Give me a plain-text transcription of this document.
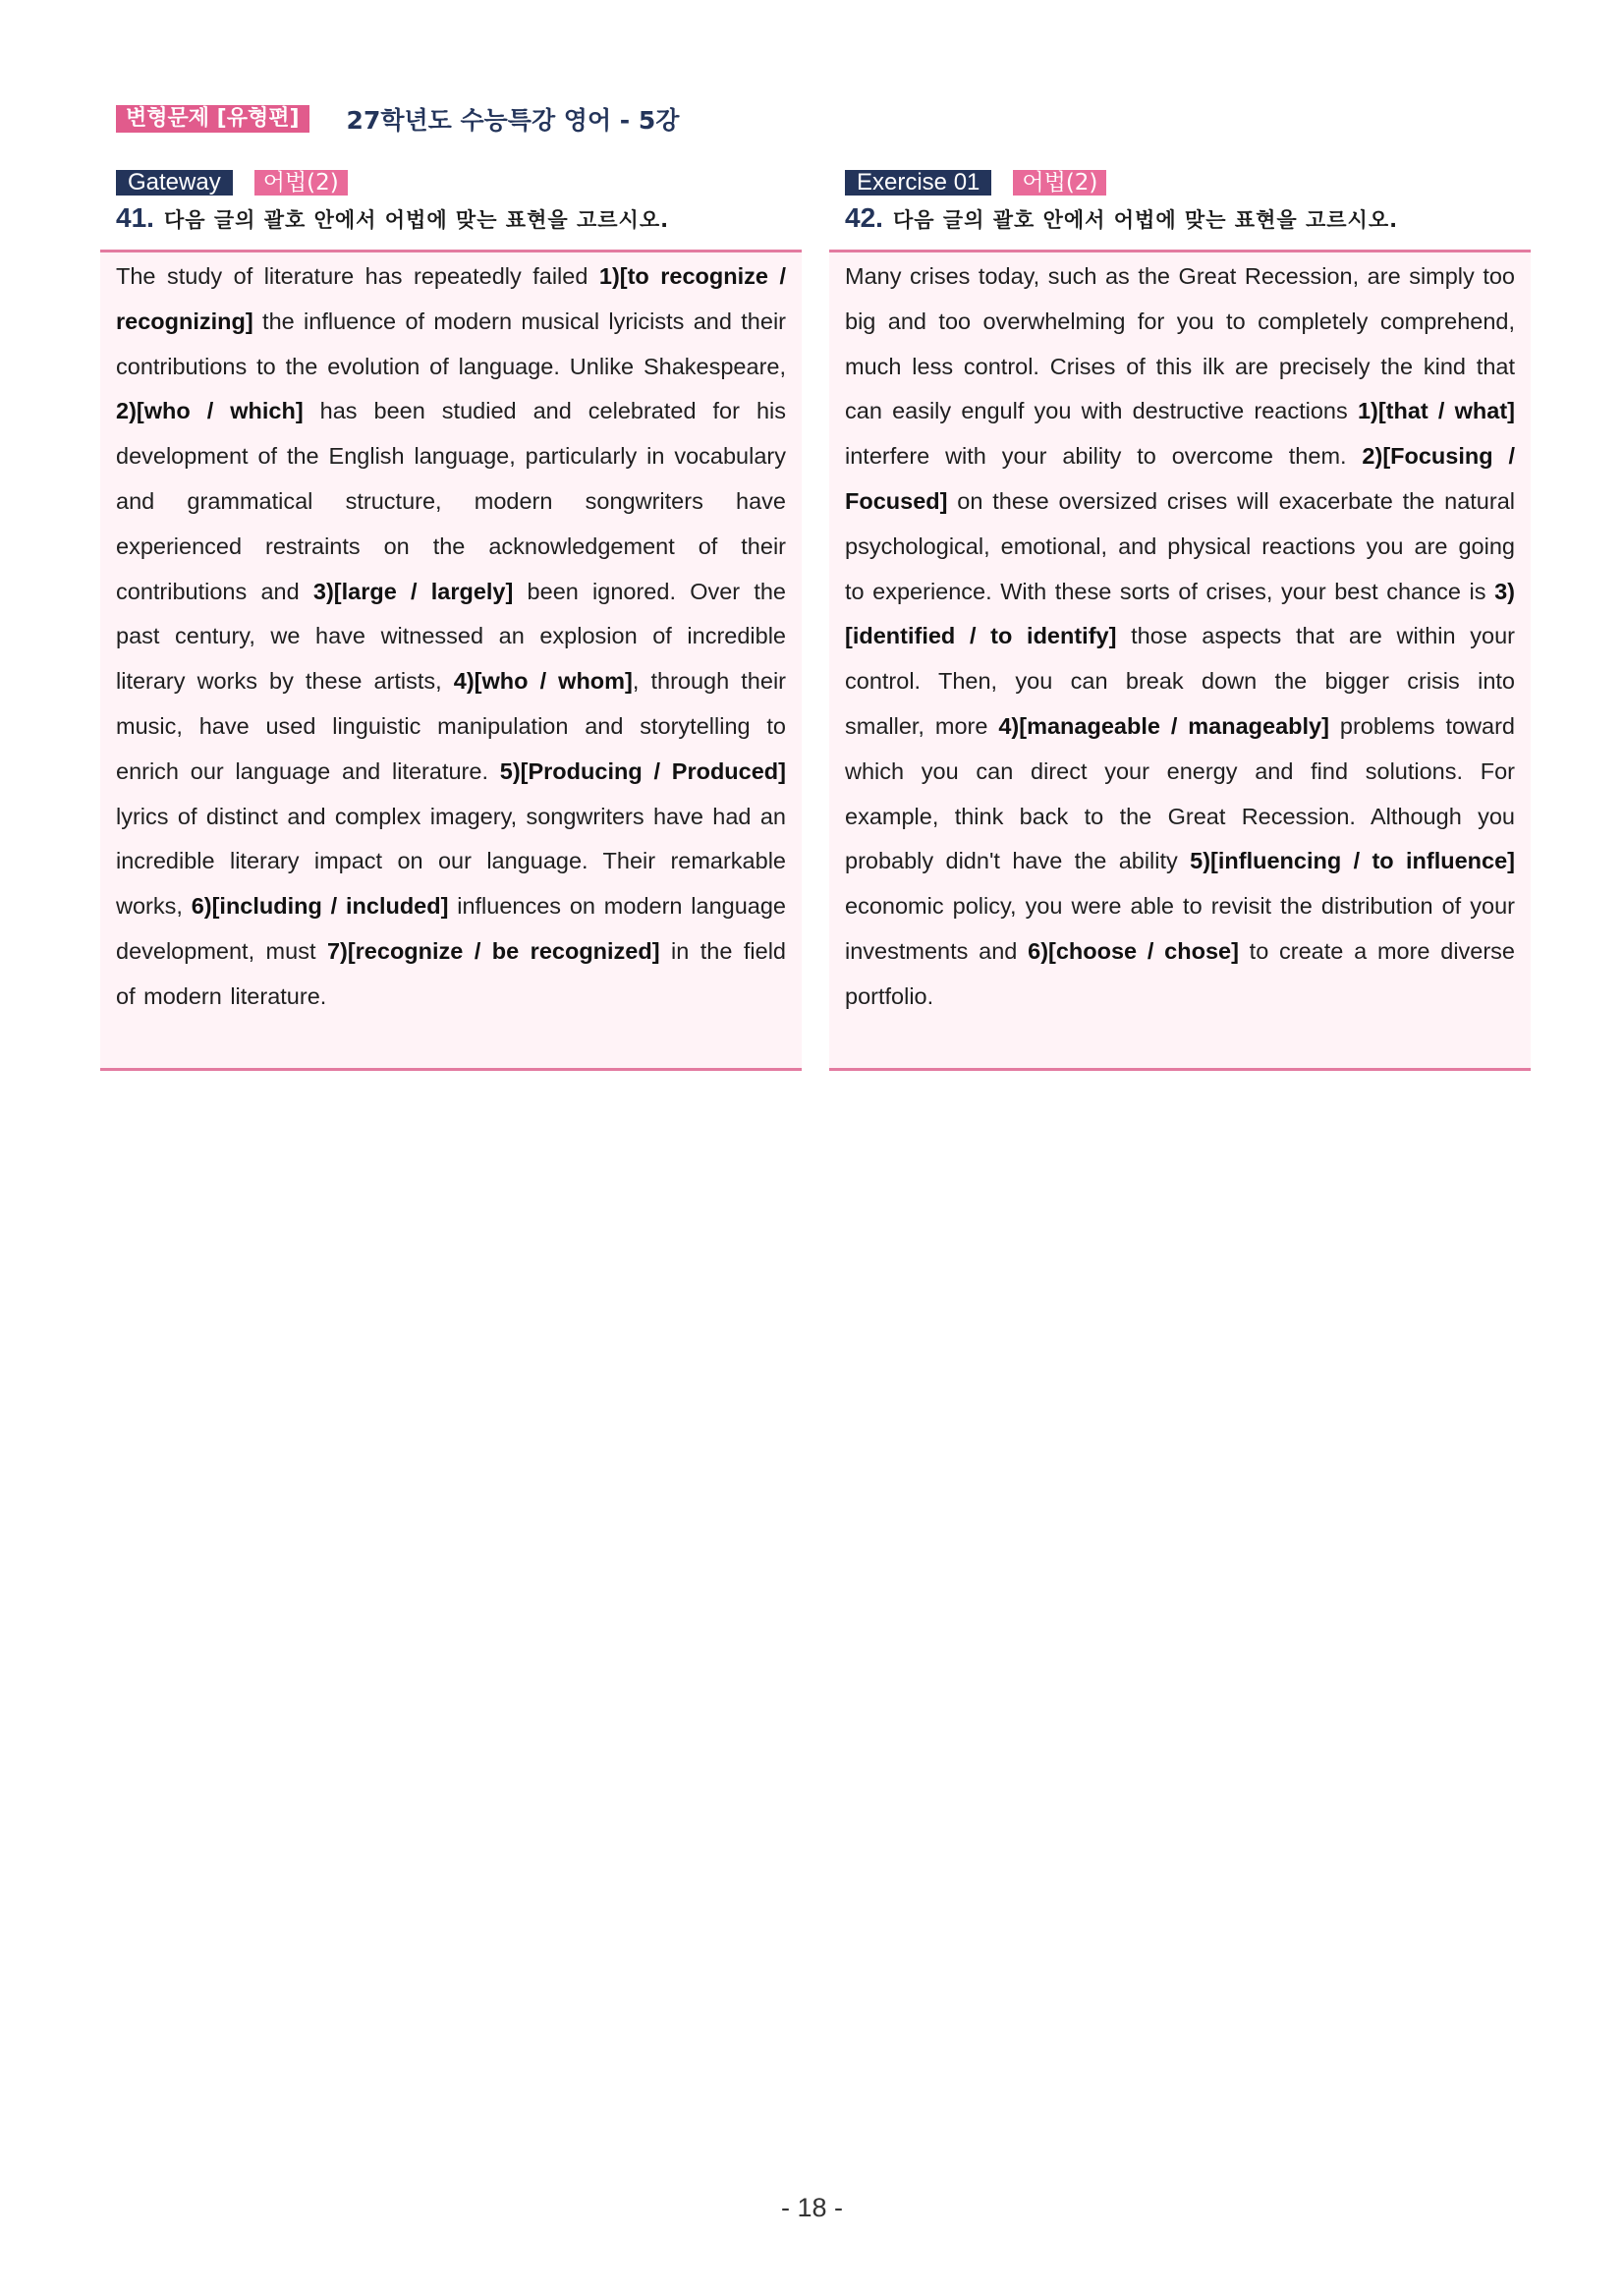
변형문제 [유형편]	27학년도 수능특강 영어 - 5강
Gateway	어법(2)
41. 다음 글의 괄호 안에서 어법에 맞는 표현을 고르시오.

The study of literature has repeatedly failed 1)[to recognize / recognizing] the influence of modern musical lyricists and their contributions to the evolution of language. Unlike Shakespeare, 2)[who / which] has been studied and celebrated for his development of the English language, particularly in vocabulary and grammatical structure, modern songwriters have experienced restraints on the acknowledgement of their contributions and 3)[large / largely] been ignored. Over the past century, we have witnessed an explosion of incredible literary works by these artists, 4)[who / whom], through their music, have used linguistic manipulation and storytelling to enrich our language and literature. 5)[Producing / Produced] lyrics of distinct and complex imagery, songwriters have had an incredible literary impact on our language. Their remarkable works, 6)[including / included] influences on modern language development, must 7)[recognize / be recognized] in the field of modern literature.

Exercise 01	어법(2)
42. 다음 글의 괄호 안에서 어법에 맞는 표현을 고르시오.

Many crises today, such as the Great Recession, are simply too big and too overwhelming for you to completely comprehend, much less control. Crises of this ilk are precisely the kind that can easily engulf you with destructive reactions 1)[that / what] interfere with your ability to overcome them. 2)[Focusing / Focused] on these oversized crises will exacerbate the natural psychological, emotional, and physical reactions you are going to experience. With these sorts of crises, your best chance is 3)[identified / to identify] those aspects that are within your control. Then, you can break down the bigger crisis into smaller, more 4)[manageable / manageably] problems toward which you can direct your energy and find solutions. For example, think back to the Great Recession. Although you probably didn't have the ability 5)[influencing / to influence] economic policy, you were able to revisit the distribution of your investments and 6)[choose / chose] to create a more diverse portfolio.

- 18 -
